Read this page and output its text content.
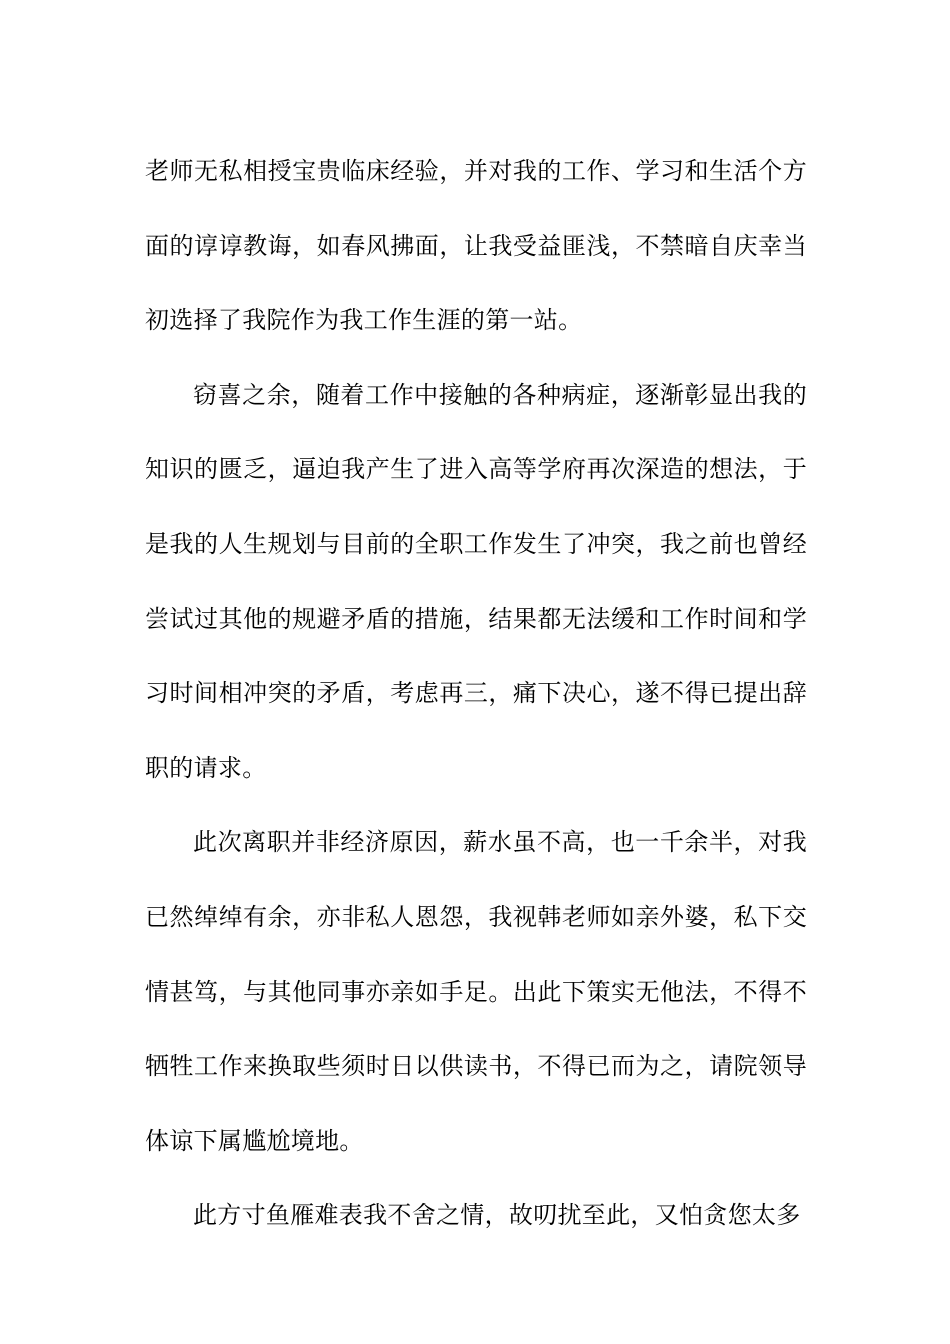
老师无私相授宝贵临床经验，并对我的工作、学习和生活个方面的谆谆教诲，如春风拂面，让我受益匪浅，不禁暗自庆幸当初选择了我院作为我工作生涯的第一站。

窃喜之余，随着工作中接触的各种病症，逐渐彰显出我的知识的匮乏，逼迫我产生了进入高等学府再次深造的想法，于是我的人生规划与目前的全职工作发生了冲突，我之前也曾经尝试过其他的规避矛盾的措施，结果都无法缓和工作时间和学习时间相冲突的矛盾，考虑再三，痛下决心，遂不得已提出辞职的请求。

此次离职并非经济原因，薪水虽不高，也一千余半，对我已然绰绰有余，亦非私人恩怨，我视韩老师如亲外婆，私下交情甚笃，与其他同事亦亲如手足。出此下策实无他法，不得不牺牲工作来换取些须时日以供读书，不得已而为之，请院领导体谅下属尴尬境地。

此方寸鱼雁难表我不舍之情，故叨扰至此，又怕贪您太多
